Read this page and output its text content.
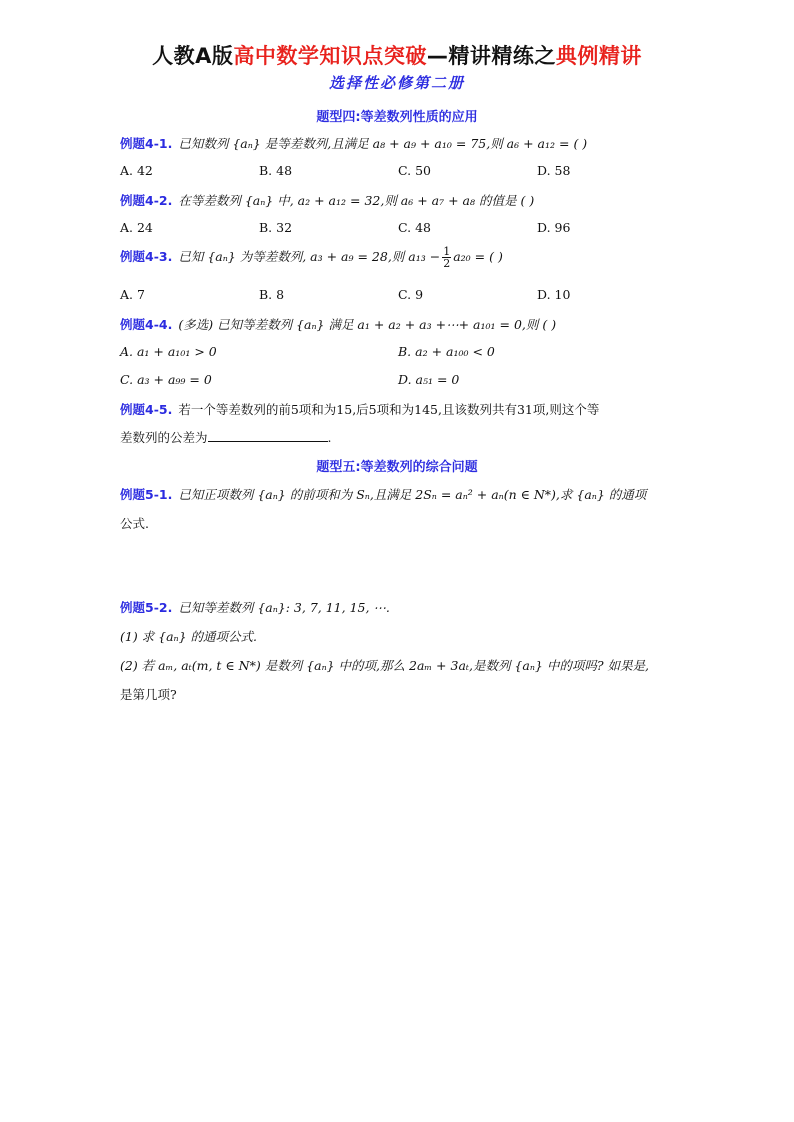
人教A版高中数学知识点突破—精讲精练之典例精讲
选择性必修第二册
题型四:等差数列性质的应用
例题4-1. 已知数列 {aₙ} 是等差数列,且满足 a₈ + a₉ + a₁₀ = 75,则 a₆ + a₁₂ = ( )
A. 42	B. 48	C. 50	D. 58
例题4-2. 在等差数列 {aₙ} 中, a₂ + a₁₂ = 32,则 a₆ + a₇ + a₈ 的值是 ( )
A. 24	B. 32	C. 48	D. 96
例题4-3. 已知 {aₙ} 为等差数列, a₃ + a₉ = 28,则 $a_{13} - \frac{1}{2} a_{20}$ = ( )
A. 7	B. 8	C. 9	D. 10
例题4-4. (多选) 已知等差数列 {aₙ} 满足 a₁ + a₂ + a₃ +⋯+ a₁₀₁ = 0,则 ( )
A. a₁ + a₁₀₁ > 0	B. a₂ + a₁₀₀ < 0
C. a₃ + a₉₉ = 0	D. a₅₁ = 0
例题4-5. 若一个等差数列的前5项和为15,后5项和为145,且该数列共有31项,则这个等
差数列的公差为	.
题型五:等差数列的综合问题
例题5-1. 已知正项数列 {aₙ} 的前项和为 Sₙ,且满足 2Sₙ = aₙ² + aₙ(n ∈ N*),求 {aₙ} 的通项
公式.
例题5-2. 已知等差数列 {aₙ}: 3, 7, 11, 15, ⋯.
(1) 求 {aₙ} 的通项公式.
(2) 若 aₘ, aₜ(m, t ∈ N*) 是数列 {aₙ} 中的项,那么 2aₘ + 3aₜ,是数列 {aₙ} 中的项吗? 如果是,
是第几项?
